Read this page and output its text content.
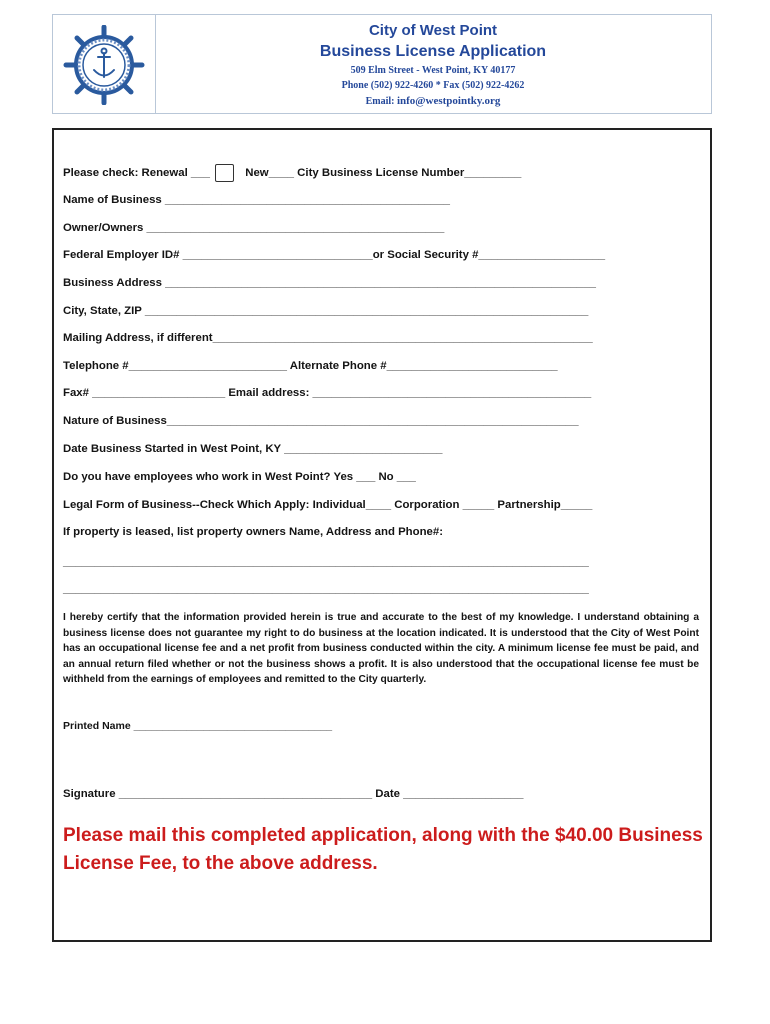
City of West Point
Business License Application
509 Elm Street - West Point, KY 40177
Phone (502) 922-4260 * Fax (502) 922-4262
Email: info@westpointky.org
Please check: Renewal ___	New____ City Business License Number_________
Name of Business _____________________________________________
Owner/Owners _______________________________________________
Federal Employer ID# ______________________________or Social Security #____________________
Business Address ____________________________________________________________________
City, State, ZIP ______________________________________________________________________
Mailing Address, if different____________________________________________________________
Telephone #_________________________ Alternate Phone #___________________________
Fax# _____________________ Email address: ____________________________________________
Nature of Business_________________________________________________________________
Date Business Started in West Point, KY _________________________
Do you have employees who work in West Point? Yes ___ No ___
Legal Form of Business--Check Which Apply: Individual____ Corporation _____ Partnership_____
If property is leased, list property owners Name, Address and Phone#:
___________________________________________________________________________________
___________________________________________________________________________________
I hereby certify that the information provided herein is true and accurate to the best of my knowledge. I understand obtaining a business license does not guarantee my right to do business at the location indicated. It is understood that the City of West Point has an occupational license fee and a net profit from business conducted within the city. A minimum license fee must be paid, and an annual return filed whether or not the business shows a profit. It is also understood that the occupational license fee must be withheld from the earnings of employees and remitted to the City quarterly.
Printed Name __________________________________
Signature ________________________________________ Date ___________________
Please mail this completed application, along with the $40.00 Business License Fee, to the above address.
